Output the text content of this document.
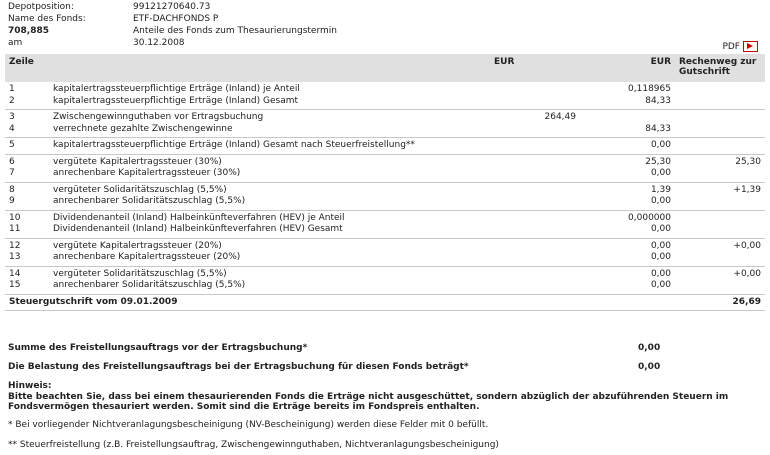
Depotposition:	99121270640.73
Name des Fonds:	ETF-DACHFONDS P
708,885	Anteile des Fonds zum Thesaurierungstermin
am	30.12.2008	PDF
Zeile		EUR	EUR	Rechenweg zur Gutschrift
1	kapitalertragssteuerpflichtige Erträge (Inland) je Anteil		0,118965	
2	kapitalertragssteuerpflichtige Erträge (Inland) Gesamt		84,33	
3	Zwischengewinnguthaben vor Ertragsbuchung	264,49		
4	verrechnete gezahlte Zwischengewinne		84,33	
5	kapitalertragssteuerpflichtige Erträge (Inland) Gesamt nach Steuerfreistellung**		0,00	
6	vergütete Kapitalertragssteuer (30%)		25,30	25,30
7	anrechenbare Kapitalertragssteuer (30%)		0,00	
8	vergüteter Solidaritätszuschlag (5,5%)		1,39	+1,39
9	anrechenbarer Solidaritätszuschlag (5,5%)		0,00	
10	Dividendenanteil (Inland) Halbeinkünfteverfahren (HEV) je Anteil		0,000000	
11	Dividendenanteil (Inland) Halbeinkünfteverfahren (HEV) Gesamt		0,00	
12	vergütete Kapitalertragssteuer (20%)		0,00	+0,00
13	anrechenbare Kapitalertragssteuer (20%)		0,00	
14	vergüteter Solidaritätszuschlag (5,5%)		0,00	+0,00
15	anrechenbarer Solidaritätszuschlag (5,5%)		0,00	
Steuergutschrift vom 09.01.2009				26,69
Summe des Freistellungsauftrags vor der Ertragsbuchung*	0,00
Die Belastung des Freistellungsauftrags bei der Ertragsbuchung für diesen Fonds beträgt*	0,00
Hinweis:
Bitte beachten Sie, dass bei einem thesaurierenden Fonds die Erträge nicht ausgeschüttet, sondern abzüglich der abzuführenden Steuern im Fondsvermögen thesauriert werden. Somit sind die Erträge bereits im Fondspreis enthalten.
* Bei vorliegender Nichtveranlagungsbescheinigung (NV-Bescheinigung) werden diese Felder mit 0 befüllt.
** Steuerfreistellung (z.B. Freistellungsauftrag, Zwischengewinnguthaben, Nichtveranlagungsbescheinigung)
